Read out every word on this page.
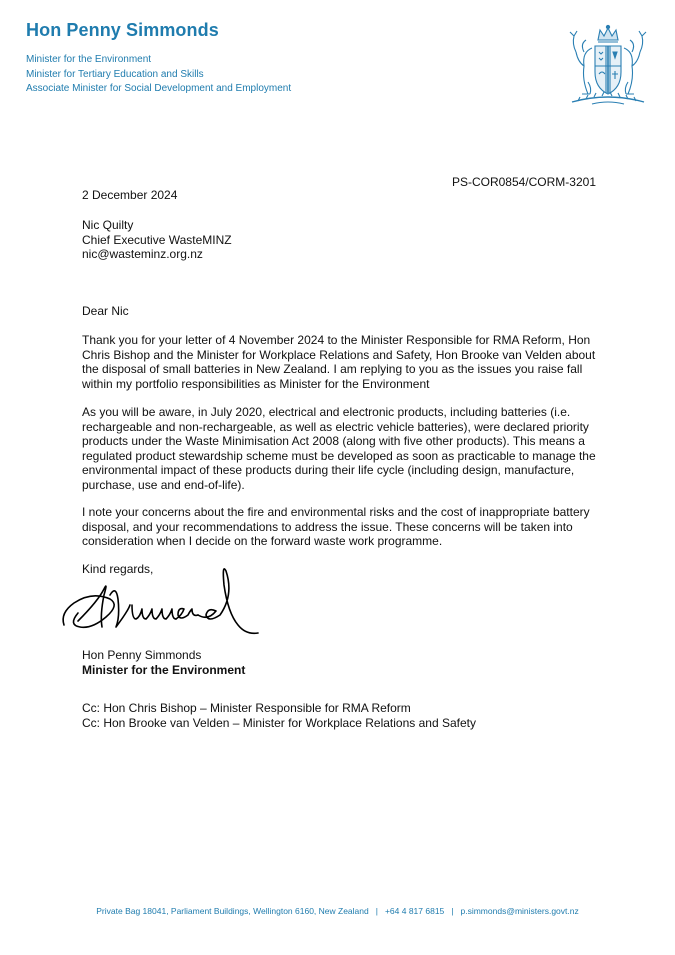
Hon Penny Simmonds
Minister for the Environment
Minister for Tertiary Education and Skills
Associate Minister for Social Development and Employment
PS-COR0854/CORM-3201
2 December 2024

Nic Quilty

Chief Executive WasteMINZ

nic@wasteminz.org.nz

Dear Nic
Thank you for your letter of 4 November 2024 to the Minister Responsible for RMA Reform, Hon Chris Bishop and the Minister for Workplace Relations and Safety, Hon Brooke van Velden about the disposal of small batteries in New Zealand. I am replying to you as the issues you raise fall within my portfolio responsibilities as Minister for the Environment
As you will be aware, in July 2020, electrical and electronic products, including batteries (i.e. rechargeable and non-rechargeable, as well as electric vehicle batteries), were declared priority products under the Waste Minimisation Act 2008 (along with five other products). This means a regulated product stewardship scheme must be developed as soon as practicable to manage the environmental impact of these products during their life cycle (including design, manufacture, purchase, use and end-of-life).
I note your concerns about the fire and environmental risks and the cost of inappropriate battery disposal, and your recommendations to address the issue. These concerns will be taken into consideration when I decide on the forward waste work programme.
Kind regards,

Hon Penny Simmonds

Minister for the Environment

Cc: Hon Chris Bishop – Minister Responsible for RMA Reform

Cc: Hon Brooke van Velden – Minister for Workplace Relations and Safety

Private Bag 18041, Parliament Buildings, Wellington 6160, New Zealand | +64 4 817 6815 | p.simmonds@ministers.govt.nz
